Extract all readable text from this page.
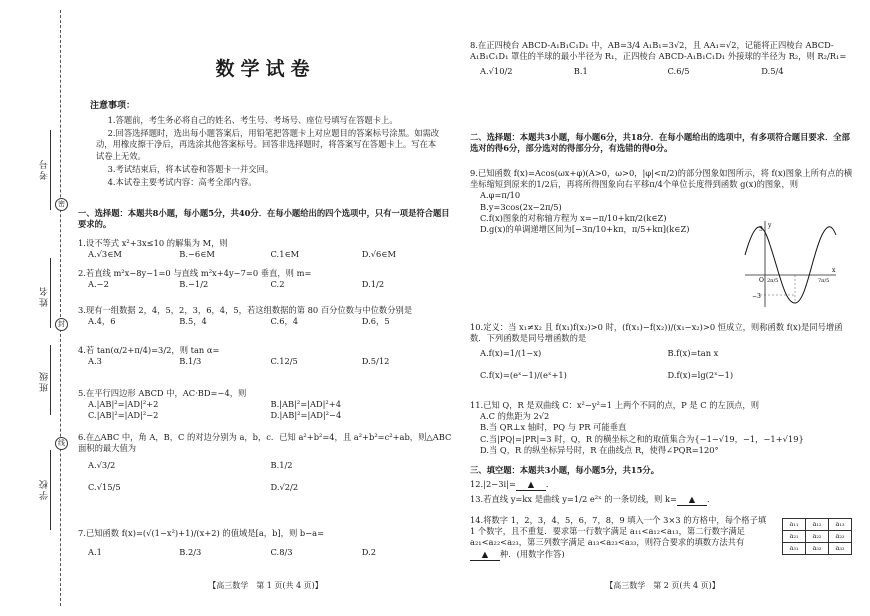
考号
姓名
班级
学校
密
封
线
数学试卷
注意事项：

1.答题前，考生务必将自己的姓名、考生号、考场号、座位号填写在答题卡上。

2.回答选择题时，选出每小题答案后，用铅笔把答题卡上对应题目的答案标号涂黑。如需改动，用橡皮擦干净后，再选涂其他答案标号。回答非选择题时，将答案写在答题卡上。写在本试卷上无效。

3.考试结束后，将本试卷和答题卡一并交回。

4.本试卷主要考试内容：高考全部内容。

一、选择题：本题共8小题，每小题5分，共40分．在每小题给出的四个选项中，只有一项是符合题目要求的。

1.设不等式 x²+3x≤10 的解集为 M，则

A.√3∈M	B.−6∈M	C.1∈M	D.√6∈M

2.若直线 m²x−8y−1=0 与直线 m²x+4y−7=0 垂直，则 m=

A.−2	B.−1/2	C.2	D.1/2

3.现有一组数据 2，4，5，2，3，6，4，5，若这组数据的第 80 百分位数与中位数分别是

A.4，6	B.5，4	C.6，4	D.6，5

4.若 tan(α/2+π/4)=3/2，则 tan α=

A.3	B.1/3	C.12/5	D.5/12

5.在平行四边形 ABCD 中，AC·BD=−4，则

A.|AB|²=|AD|²+2	B.|AB|²=|AD|²+4
C.|AB|²=|AD|²−2	D.|AB|²=|AD|²−4

6.在△ABC 中，角 A，B，C 的对边分别为 a，b，c．已知 a²+b²=4，且 a²+b²=c²+ab，则△ABC 面积的最大值为

A.√3/2	B.1/2
C.√15/5	D.√2/2

7.已知函数 f(x)=(√(1−x²)+1)/(x+2) 的值域是[a，b]，则 b−a=

A.1	B.2/3	C.8/3	D.2
【高三数学　第 1 页(共 4 页)】

8.在正四棱台 ABCD-A₁B₁C₁D₁ 中，AB=3/4 A₁B₁=3√2，且 AA₁=√2，记能将正四棱台 ABCD-A₁B₁C₁D₁ 罩住的半球的最小半径为 R₁，正四棱台 ABCD-A₁B₁C₁D₁ 外接球的半径为 R₂，则 R₂/R₁=

A.√10/2	B.1	C.6/5	D.5/4
二、选择题：本题共3小题，每小题6分，共18分．在每小题给出的选项中，有多项符合题目要求．全部选对的得6分，部分选对的得部分分，有选错的得0分。

9.已知函数 f(x)=Acos(ωx+φ)(A>0，ω>0，|φ|<π/2)的部分图象如图所示，将 f(x)图象上所有点的横坐标缩短到原来的1/2后，再将所得图象向右平移π/4个单位长度得到函数 g(x)的图象，则

A.φ=π/10
B.y=3cos(2x−2π/5)
C.f(x)图象的对称轴方程为 x=−π/10+kπ/2(k∈Z)
D.g(x)的单调递增区间为[−3π/10+kπ，π/5+kπ](k∈Z)	y
x
O
3
−3
2π/5	7π/5

10.定义：当 x₁≠x₂ 且 f(x₁)f(x₂)>0 时，(f(x₁)−f(x₂))/(x₁−x₂)>0 恒成立，则称函数 f(x)是同号增函数．下列函数是同号增函数的是

A.f(x)=1/(1−x)	B.f(x)=tan x
C.f(x)=(eˣ−1)/(eˣ+1)	D.f(x)=lg(2ˣ−1)

11.已知 Q，R 是双曲线 C：x²−y²=1 上两个不同的点，P 是 C 的左顶点，则

A.C 的焦距为 2√2
B.当 QR⊥x 轴时，PQ 与 PR 可能垂直
C.当|PQ|=|PR|=3 时，Q，R 的横坐标之和的取值集合为{−1−√19，−1，−1+√19}
D.当 Q，R 的纵坐标异号时，R 在曲线点 R，使得∠PQR=120°
三、填空题：本题共3小题，每小题5分，共15分。
12.|2−3i|= ▲ ．
13.若直线 y=kx 是曲线 y=1/2 e²ˣ 的一条切线，则 k= ▲ ．
14.将数字 1，2，3，4，5，6，7，8，9 填入一个 3×3 的方格中，每个格子填 1 个数字，且不重复．要求第一行数字满足 a₁₁<a₁₂<a₁₃，第二行数字满足 a₂₁<a₂₂<a₂₃，第三列数字满足 a₁₃<a₂₃<a₃₃，则符合要求的填数方法共有▲ 种．(用数字作答)
a₁₁	a₁₂	a₁₃
a₂₁	a₂₂	a₂₃
a₃₁	a₃₂	a₃₃
【高三数学　第 2 页(共 4 页)】
